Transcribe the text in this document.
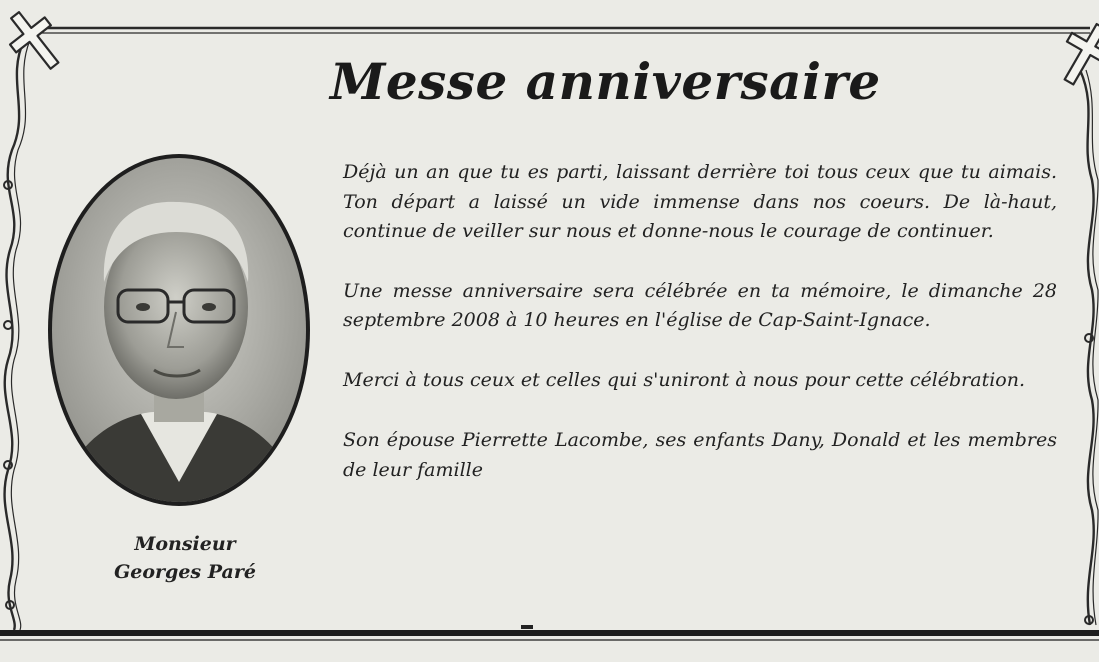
Messe anniversaire
Monsieur
Georges Paré

Déjà un an que tu es parti, laissant derrière toi tous ceux que tu aimais. Ton départ a laissé un vide immense dans nos coeurs. De là-haut, continue de veiller sur nous et donne-nous le courage de continuer.

Une messe anniversaire sera célébrée en ta mémoire, le dimanche 28 septembre 2008 à 10 heures en l'église de Cap-Saint-Ignace.

Merci à tous ceux et celles qui s'uniront à nous pour cette célébration.

Son épouse Pierrette Lacombe, ses enfants Dany, Donald et les membres de leur famille
